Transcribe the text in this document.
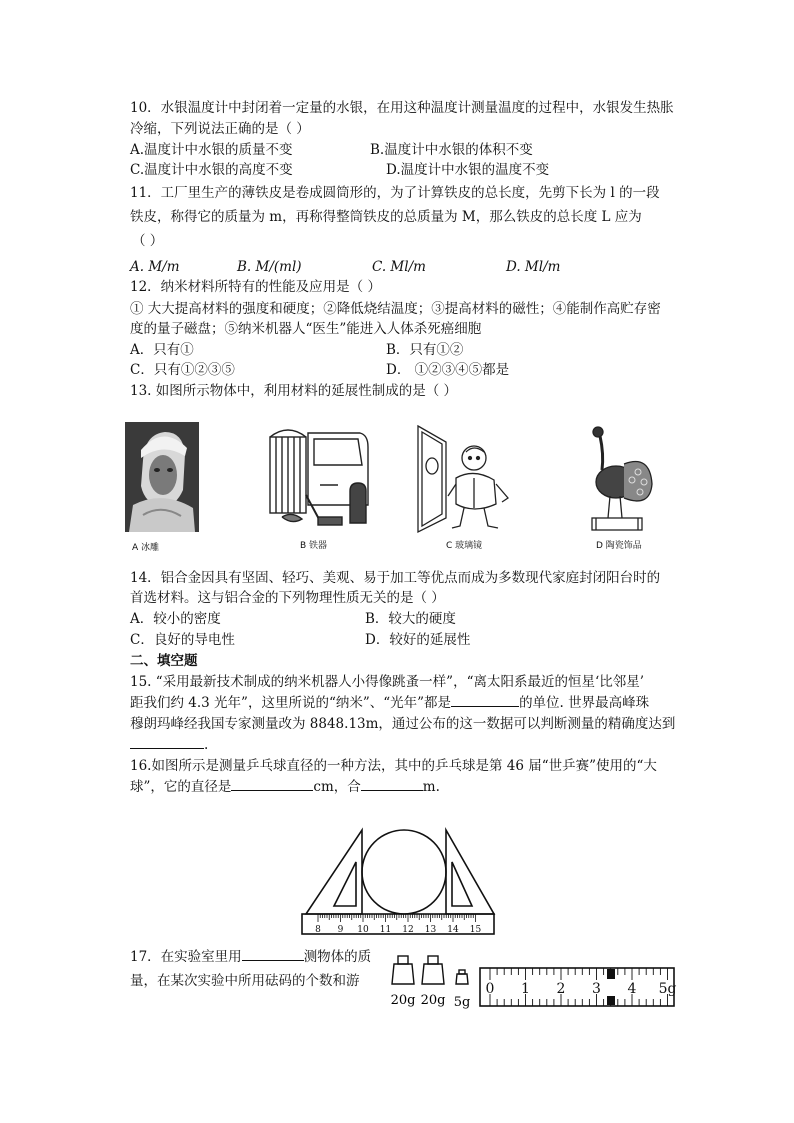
10．水银温度计中封闭着一定量的水银，在用这种温度计测量温度的过程中，水银发生热胀
冷缩，下列说法正确的是（ ）
A.温度计中水银的质量不变	B.温度计中水银的体积不变
C.温度计中水银的高度不变	D.温度计中水银的温度不变
11．工厂里生产的薄铁皮是卷成圆筒形的，为了计算铁皮的总长度，先剪下长为 l 的一段
铁皮，称得它的质量为 m，再称得整筒铁皮的总质量为 M，那么铁皮的总长度 L 应为
（ ）
A. M/m	B. M/(ml)	C. Ml/m	D. Ml/m
12．纳米材料所特有的性能及应用是（ ）
① 大大提高材料的强度和硬度；②降低烧结温度；③提高材料的磁性；④能制作高贮存密
度的量子磁盘；⑤纳米机器人“医生”能进入人体杀死癌细胞
A．只有①	B．只有①②
C．只有①②③⑤	D． ①②③④⑤都是
13. 如图所示物体中，利用材料的延展性制成的是（ ）
A 冰雕	B 铁器	C 玻璃镜	D 陶瓷饰品
14．铝合金因具有坚固、轻巧、美观、易于加工等优点而成为多数现代家庭封闭阳台时的
首选材料。这与铝合金的下列物理性质无关的是（ ）
A．较小的密度	B．较大的硬度
C．良好的导电性	D．较好的延展性
二、填空题
15. “采用最新技术制成的纳米机器人小得像跳蚤一样”，“离太阳系最近的恒星‘比邻星’
距我们约 4.3 光年”，这里所说的“纳米”、“光年”都是	的单位. 世界最高峰珠
穆朗玛峰经我国专家测量改为 8848.13m，通过公布的这一数据可以判断测量的精确度达到
.
16.如图所示是测量乒乓球直径的一种方法，其中的乒乓球是第 46 届“世乒赛”使用的“大
球”，它的直径是	cm，合	m.
8 9 10 11 12 13 14 15
17．在实验室里用	测物体的质
量，在某次实验中所用砝码的个数和游
20g 20g 5g
0 1 2 3 4 5g
